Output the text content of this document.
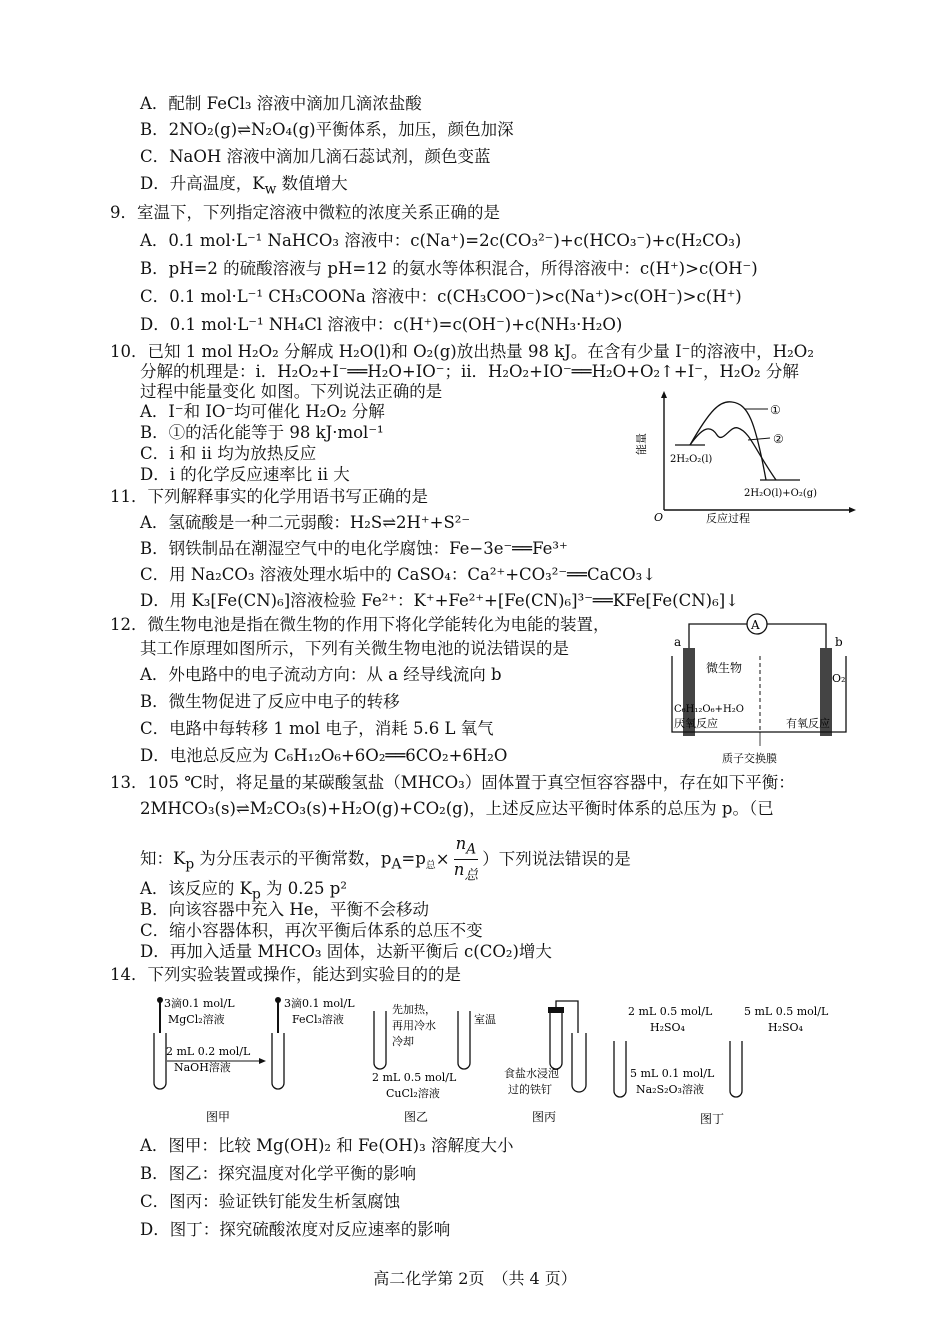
A．配制 FeCl₃ 溶液中滴加几滴浓盐酸
B．2NO₂(g)⇌N₂O₄(g)平衡体系，加压，颜色加深
C．NaOH 溶液中滴加几滴石蕊试剂，颜色变蓝
D．升高温度，$K_w$ 数值增大
9．室温下，下列指定溶液中微粒的浓度关系正确的是
A．0.1 mol·L⁻¹ NaHCO₃ 溶液中：c(Na⁺)=2c(CO₃²⁻)+c(HCO₃⁻)+c(H₂CO₃)
B．pH=2 的硫酸溶液与 pH=12 的氨水等体积混合，所得溶液中：c(H⁺)>c(OH⁻)
C．0.1 mol·L⁻¹ CH₃COONa 溶液中：c(CH₃COO⁻)>c(Na⁺)>c(OH⁻)>c(H⁺)
D．0.1 mol·L⁻¹ NH₄Cl 溶液中：c(H⁺)=c(OH⁻)+c(NH₃·H₂O)
10．已知 1 mol H₂O₂ 分解成 H₂O(l)和 O₂(g)放出热量 98 kJ。在含有少量 I⁻的溶液中，H₂O₂
分解的机理是：i．H₂O₂+I⁻══H₂O+IO⁻；ii．H₂O₂+IO⁻══H₂O+O₂↑+I⁻，H₂O₂ 分解
过程中能量变化 如图。下列说法正确的是
A．I⁻和 IO⁻均可催化 H₂O₂ 分解
B．①的活化能等于 98 kJ·mol⁻¹
C．i 和 ii 均为放热反应
D．i 的化学反应速率比 ii 大
①
②
能量
2H₂O₂(l)
2H₂O(l)+O₂(g)
O	反应过程
11．下列解释事实的化学用语书写正确的是
A．氢硫酸是一种二元弱酸：H₂S⇌2H⁺+S²⁻
B．钢铁制品在潮湿空气中的电化学腐蚀：Fe−3e⁻══Fe³⁺
C．用 Na₂CO₃ 溶液处理水垢中的 CaSO₄：Ca²⁺+CO₃²⁻══CaCO₃↓
D．用 K₃[Fe(CN)₆]溶液检验 Fe²⁺：K⁺+Fe²⁺+[Fe(CN)₆]³⁻══KFe[Fe(CN)₆]↓
12．微生物电池是指在微生物的作用下将化学能转化为电能的装置，
其工作原理如图所示，下列有关微生物电池的说法错误的是
A．外电路中的电子流动方向：从 a 经导线流向 b
B．微生物促进了反应中电子的转移
C．电路中每转移 1 mol 电子，消耗 5.6 L 氧气
D．电池总反应为 C₆H₁₂O₆+6O₂══6CO₂+6H₂O
A
a	b
微生物
O₂
C₆H₁₂O₆+H₂O
厌氧反应	有氧反应
质子交换膜
13．105 ℃时，将足量的某碳酸氢盐（MHCO₃）固体置于真空恒容容器中，存在如下平衡：
2MHCO₃(s)⇌M₂CO₃(s)+H₂O(g)+CO₂(g)，上述反应达平衡时体系的总压为 p。（已
知：$K_p$ 为分压表示的平衡常数，$p_A=p_总\times$
$n_A$
$n_总$
）下列说法错误的是
A．该反应的 $K_p$ 为 0.25 p²
B．向该容器中充入 He，平衡不会移动
C．缩小容器体积，再次平衡后体系的总压不变
D．再加入适量 MHCO₃ 固体，达新平衡后 c(CO₂)增大
14．下列实验装置或操作，能达到实验目的的是
3滴0.1 mol/L
MgCl₂溶液
3滴0.1 mol/L
FeCl₃溶液
2 mL 0.2 mol/L
NaOH溶液
图甲
先加热，
再用冷水
冷却
室温
2 mL 0.5 mol/L
CuCl₂溶液
图乙
食盐水浸泡
过的铁钉
图丙
2 mL 0.5 mol/L
H₂SO₄
5 mL 0.5 mol/L
H₂SO₄
5 mL 0.1 mol/L
Na₂S₂O₃溶液
图丁
A．图甲：比较 Mg(OH)₂ 和 Fe(OH)₃ 溶解度大小
B．图乙：探究温度对化学平衡的影响
C．图丙：验证铁钉能发生析氢腐蚀
D．图丁：探究硫酸浓度对反应速率的影响
高二化学第 2页　（共 4 页）
